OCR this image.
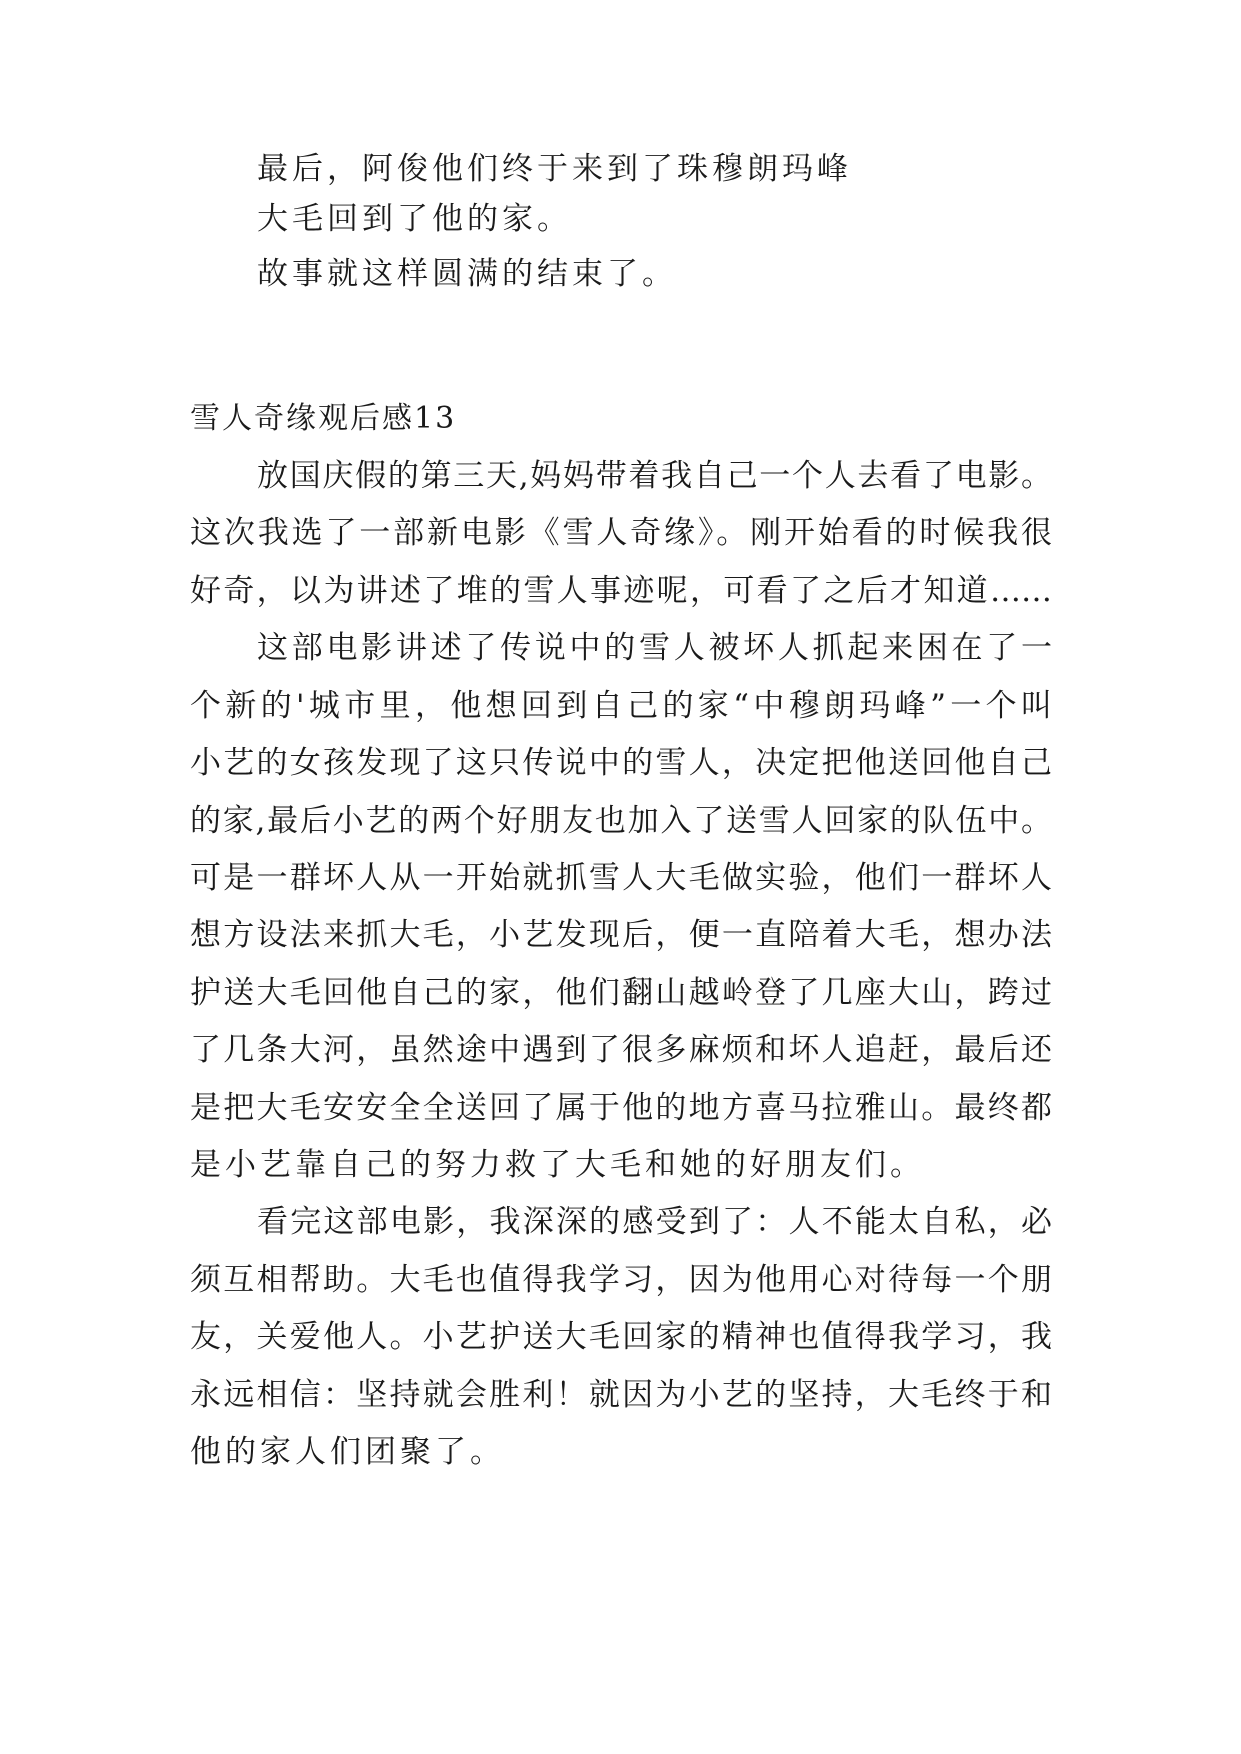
最后，阿俊他们终于来到了珠穆朗玛峰
大毛回到了他的家。
故事就这样圆满的结束了。
雪人奇缘观后感13
放国庆假的第三天,妈妈带着我自己一个人去看了电影。
这次我选了一部新电影《雪人奇缘》。刚开始看的时候我很
好奇，以为讲述了堆的雪人事迹呢，可看了之后才知道……
这部电影讲述了传说中的雪人被坏人抓起来困在了一
个新的'城市里，他想回到自己的家“中穆朗玛峰”一个叫
小艺的女孩发现了这只传说中的雪人，决定把他送回他自己
的家,最后小艺的两个好朋友也加入了送雪人回家的队伍中。
可是一群坏人从一开始就抓雪人大毛做实验，他们一群坏人
想方设法来抓大毛，小艺发现后，便一直陪着大毛，想办法
护送大毛回他自己的家，他们翻山越岭登了几座大山，跨过
了几条大河，虽然途中遇到了很多麻烦和坏人追赶，最后还
是把大毛安安全全送回了属于他的地方喜马拉雅山。最终都
是小艺靠自己的努力救了大毛和她的好朋友们。
看完这部电影，我深深的感受到了：人不能太自私，必
须互相帮助。大毛也值得我学习，因为他用心对待每一个朋
友，关爱他人。小艺护送大毛回家的精神也值得我学习，我
永远相信：坚持就会胜利！就因为小艺的坚持，大毛终于和
他的家人们团聚了。
